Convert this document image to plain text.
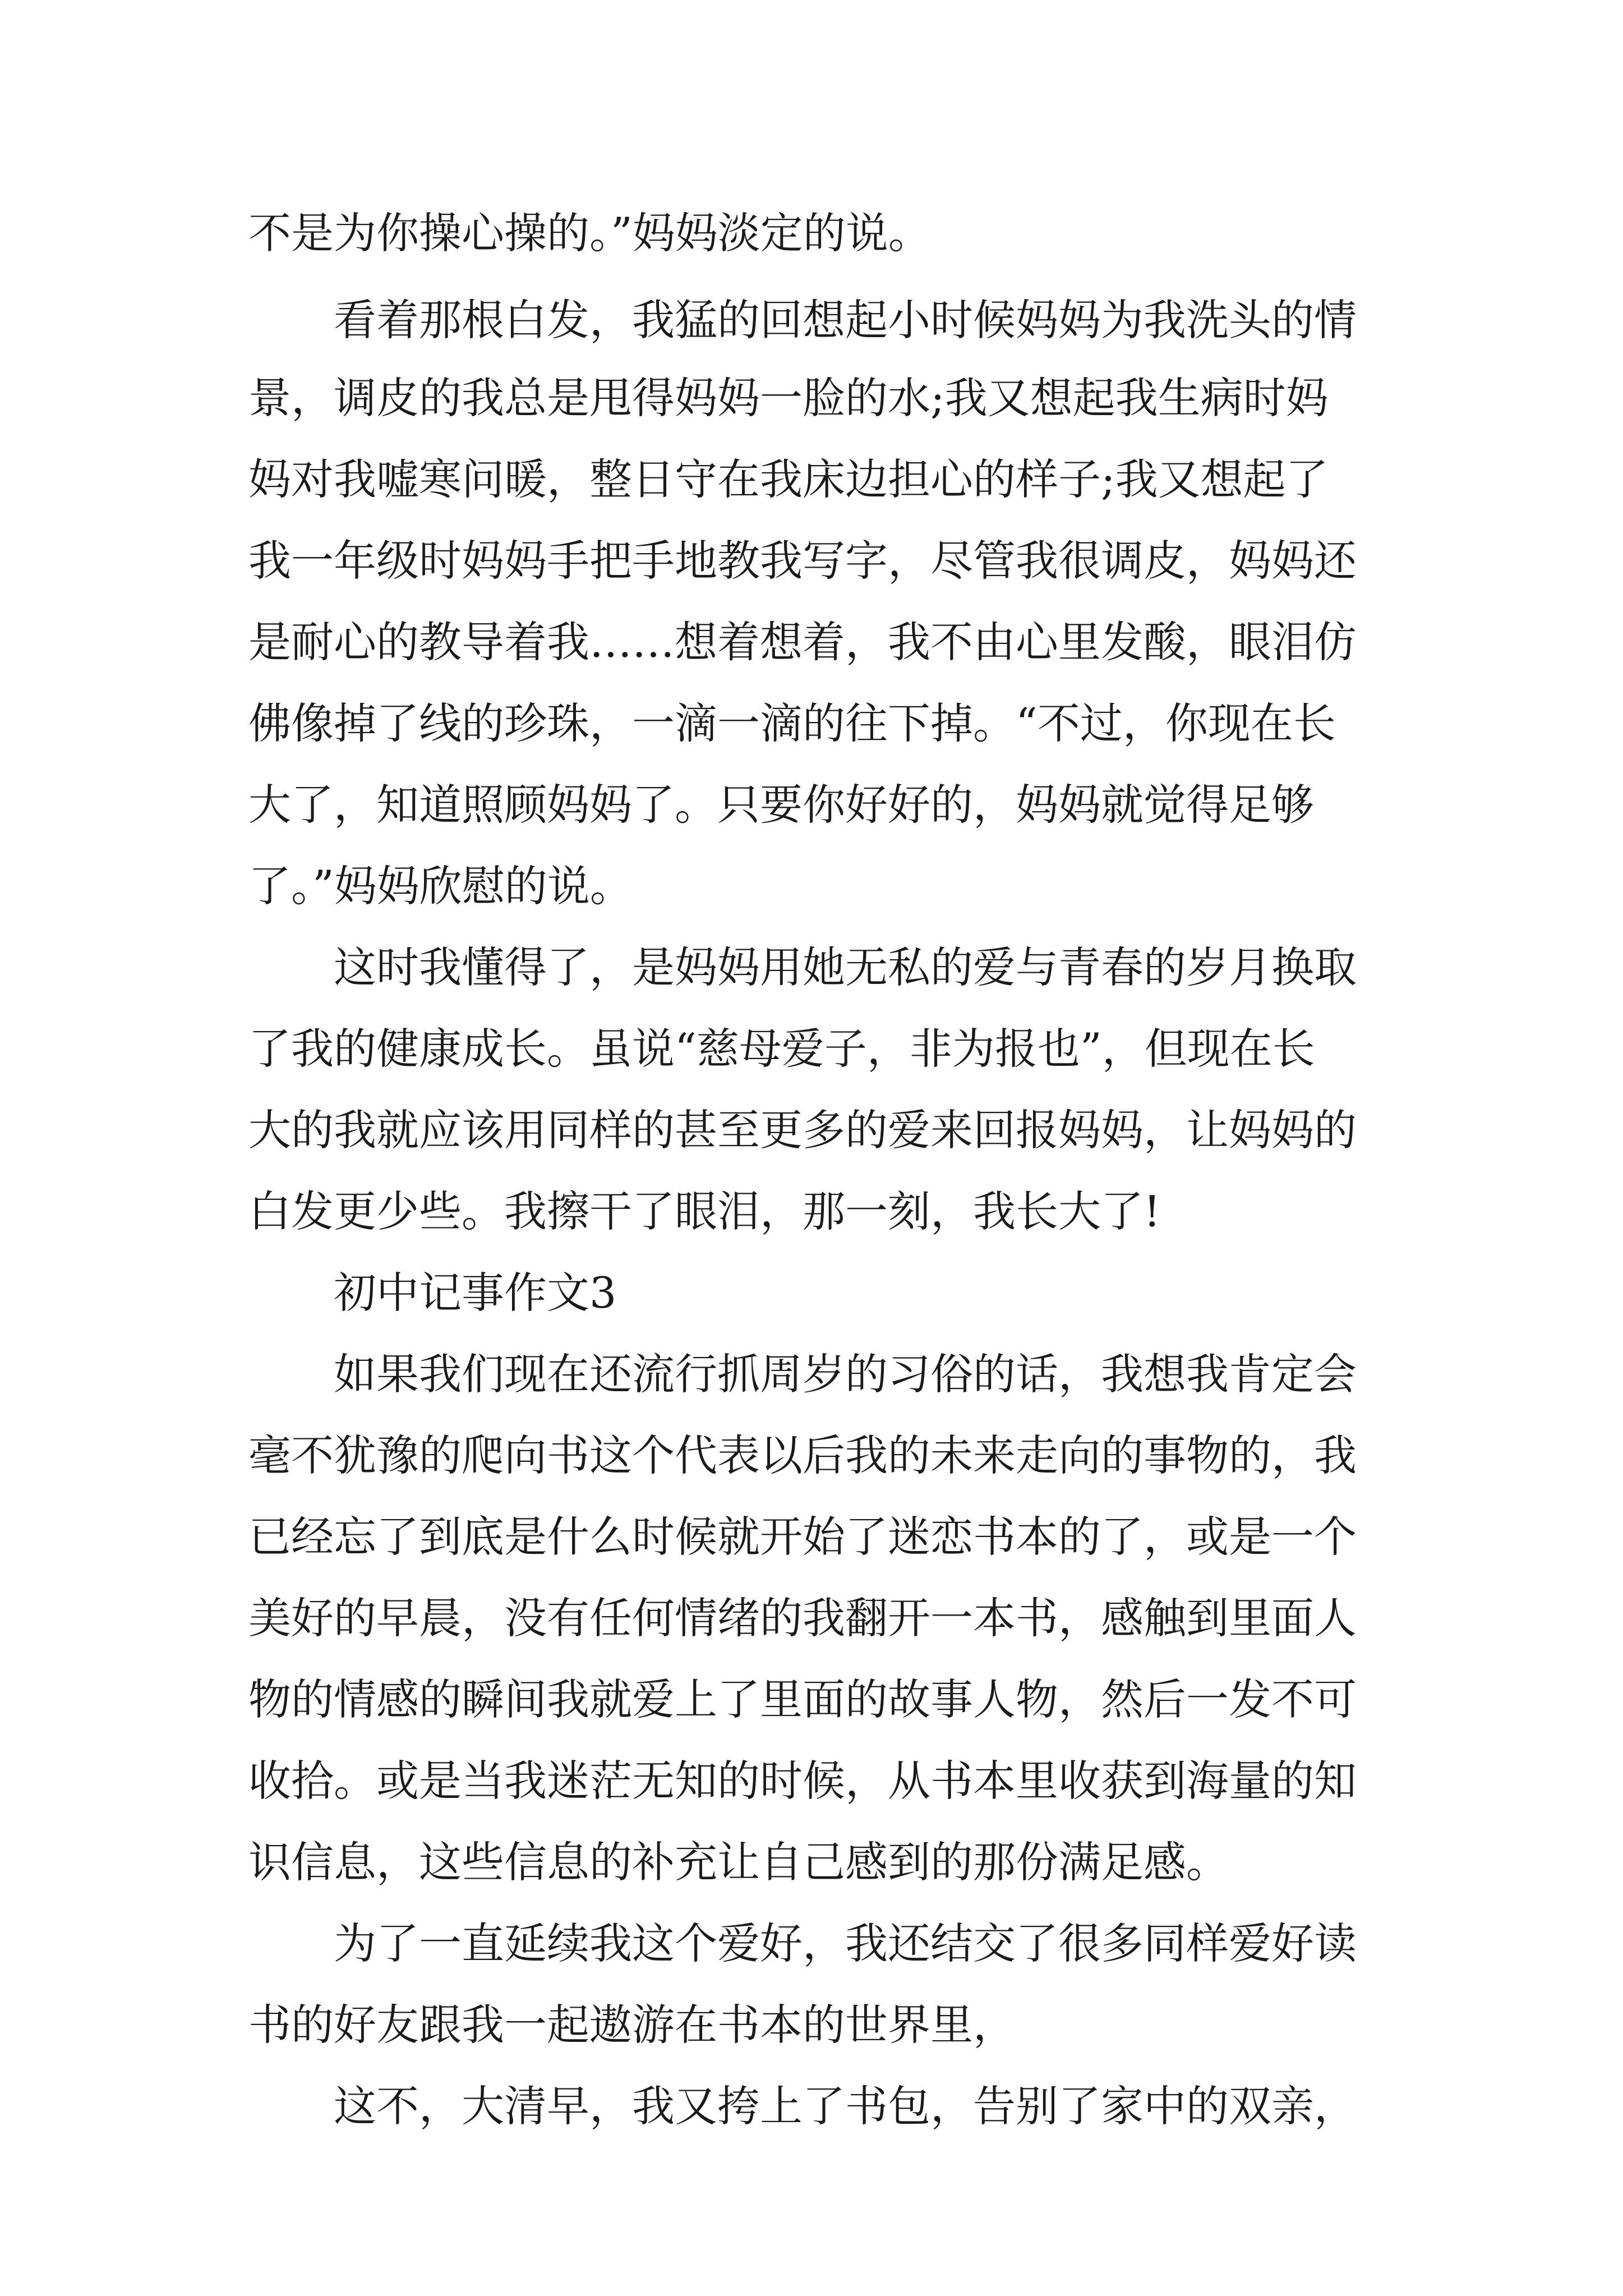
不是为你操心操的。”妈妈淡定的说。
看着那根白发，我猛的回想起小时候妈妈为我洗头的情
景，调皮的我总是甩得妈妈一脸的水;我又想起我生病时妈
妈对我嘘寒问暖，整日守在我床边担心的样子;我又想起了
我一年级时妈妈手把手地教我写字，尽管我很调皮，妈妈还
是耐心的教导着我……想着想着，我不由心里发酸，眼泪仿
佛像掉了线的珍珠，一滴一滴的往下掉。“不过，你现在长
大了，知道照顾妈妈了。只要你好好的，妈妈就觉得足够
了。”妈妈欣慰的说。
这时我懂得了，是妈妈用她无私的爱与青春的岁月换取
了我的健康成长。虽说“慈母爱子，非为报也”，但现在长
大的我就应该用同样的甚至更多的爱来回报妈妈，让妈妈的
白发更少些。我擦干了眼泪，那一刻，我长大了!
初中记事作文3
如果我们现在还流行抓周岁的习俗的话，我想我肯定会
毫不犹豫的爬向书这个代表以后我的未来走向的事物的，我
已经忘了到底是什么时候就开始了迷恋书本的了，或是一个
美好的早晨，没有任何情绪的我翻开一本书，感触到里面人
物的情感的瞬间我就爱上了里面的故事人物，然后一发不可
收拾。或是当我迷茫无知的时候，从书本里收获到海量的知
识信息，这些信息的补充让自己感到的那份满足感。
为了一直延续我这个爱好，我还结交了很多同样爱好读
书的好友跟我一起遨游在书本的世界里，
这不，大清早，我又挎上了书包，告别了家中的双亲，
